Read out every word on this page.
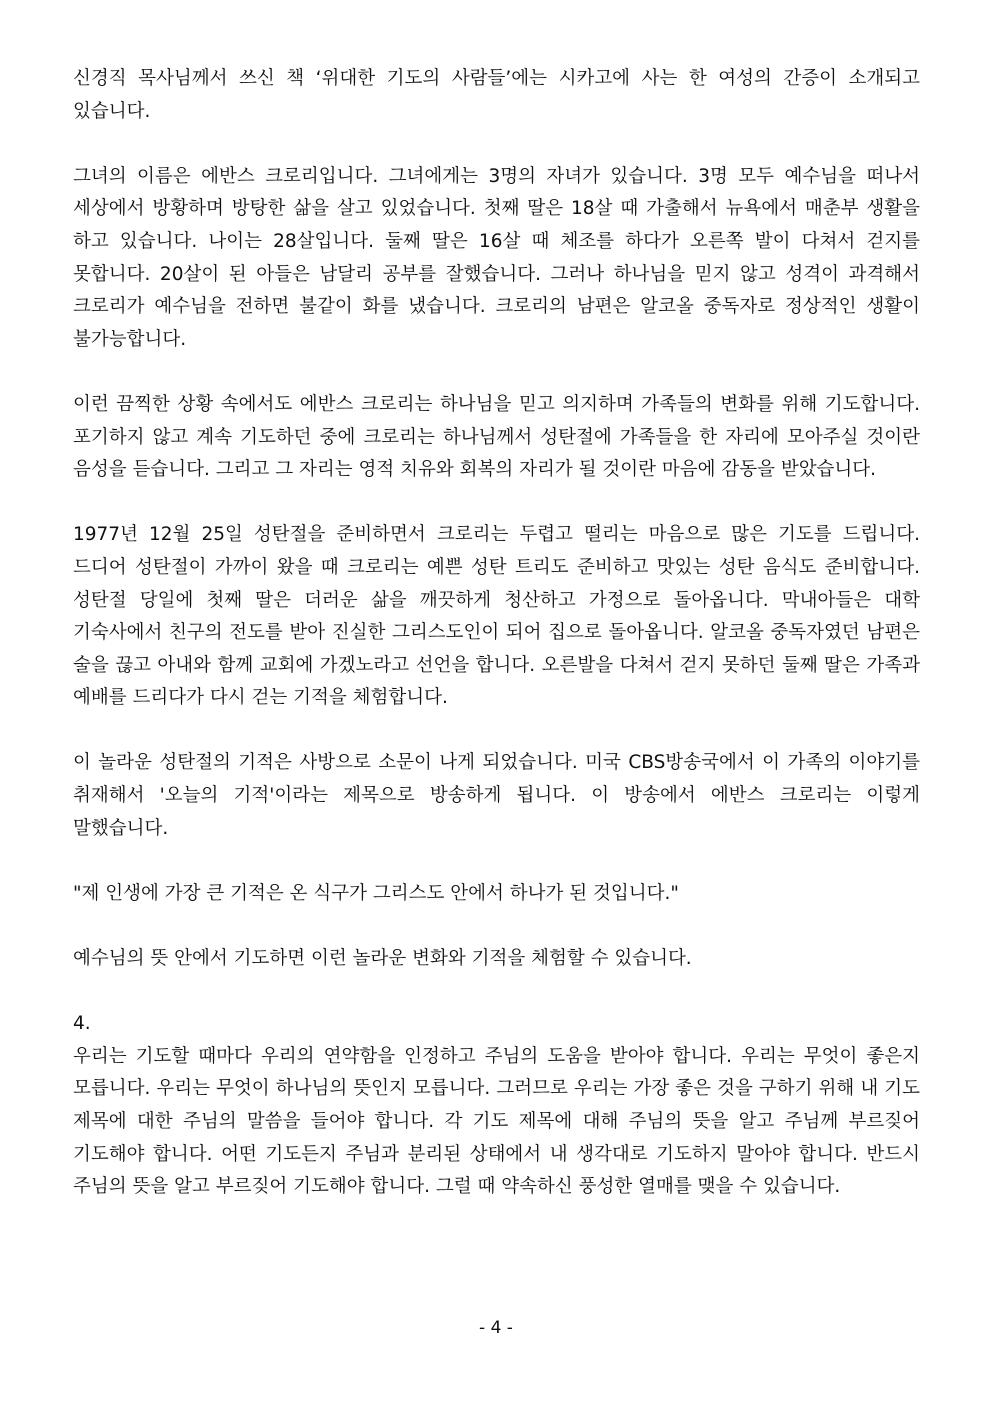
신경직 목사님께서 쓰신 책 ‘위대한 기도의 사람들’에는 시카고에 사는 한 여성의 간증이 소개되고 있습니다.

그녀의 이름은 에반스 크로리입니다. 그녀에게는 3명의 자녀가 있습니다. 3명 모두 예수님을 떠나서 세상에서 방황하며 방탕한 삶을 살고 있었습니다. 첫째 딸은 18살 때 가출해서 뉴욕에서 매춘부 생활을 하고 있습니다. 나이는 28살입니다. 둘째 딸은 16살 때 체조를 하다가 오른쪽 발이 다쳐서 걷지를 못합니다. 20살이 된 아들은 남달리 공부를 잘했습니다. 그러나 하나님을 믿지 않고 성격이 과격해서 크로리가 예수님을 전하면 불같이 화를 냈습니다. 크로리의 남편은 알코올 중독자로 정상적인 생활이 불가능합니다.

이런 끔찍한 상황 속에서도 에반스 크로리는 하나님을 믿고 의지하며 가족들의 변화를 위해 기도합니다. 포기하지 않고 계속 기도하던 중에 크로리는 하나님께서 성탄절에 가족들을 한 자리에 모아주실 것이란 음성을 듣습니다. 그리고 그 자리는 영적 치유와 회복의 자리가 될 것이란 마음에 감동을 받았습니다.

1977년 12월 25일 성탄절을 준비하면서 크로리는 두렵고 떨리는 마음으로 많은 기도를 드립니다. 드디어 성탄절이 가까이 왔을 때 크로리는 예쁜 성탄 트리도 준비하고 맛있는 성탄 음식도 준비합니다. 성탄절 당일에 첫째 딸은 더러운 삶을 깨끗하게 청산하고 가정으로 돌아옵니다. 막내아들은 대학 기숙사에서 친구의 전도를 받아 진실한 그리스도인이 되어 집으로 돌아옵니다. 알코올 중독자였던 남편은 술을 끊고 아내와 함께 교회에 가겠노라고 선언을 합니다. 오른발을 다쳐서 걷지 못하던 둘째 딸은 가족과 예배를 드리다가 다시 걷는 기적을 체험합니다.

이 놀라운 성탄절의 기적은 사방으로 소문이 나게 되었습니다. 미국 CBS방송국에서 이 가족의 이야기를 취재해서 '오늘의 기적'이라는 제목으로 방송하게 됩니다. 이 방송에서 에반스 크로리는 이렇게 말했습니다.

"제 인생에 가장 큰 기적은 온 식구가 그리스도 안에서 하나가 된 것입니다."

예수님의 뜻 안에서 기도하면 이런 놀라운 변화와 기적을 체험할 수 있습니다.

4.

우리는 기도할 때마다 우리의 연약함을 인정하고 주님의 도움을 받아야 합니다. 우리는 무엇이 좋은지 모릅니다. 우리는 무엇이 하나님의 뜻인지 모릅니다. 그러므로 우리는 가장 좋은 것을 구하기 위해 내 기도 제목에 대한 주님의 말씀을 들어야 합니다. 각 기도 제목에 대해 주님의 뜻을 알고 주님께 부르짖어 기도해야 합니다. 어떤 기도든지 주님과 분리된 상태에서 내 생각대로 기도하지 말아야 합니다. 반드시 주님의 뜻을 알고 부르짖어 기도해야 합니다. 그럴 때 약속하신 풍성한 열매를 맺을 수 있습니다.

- 4 -
